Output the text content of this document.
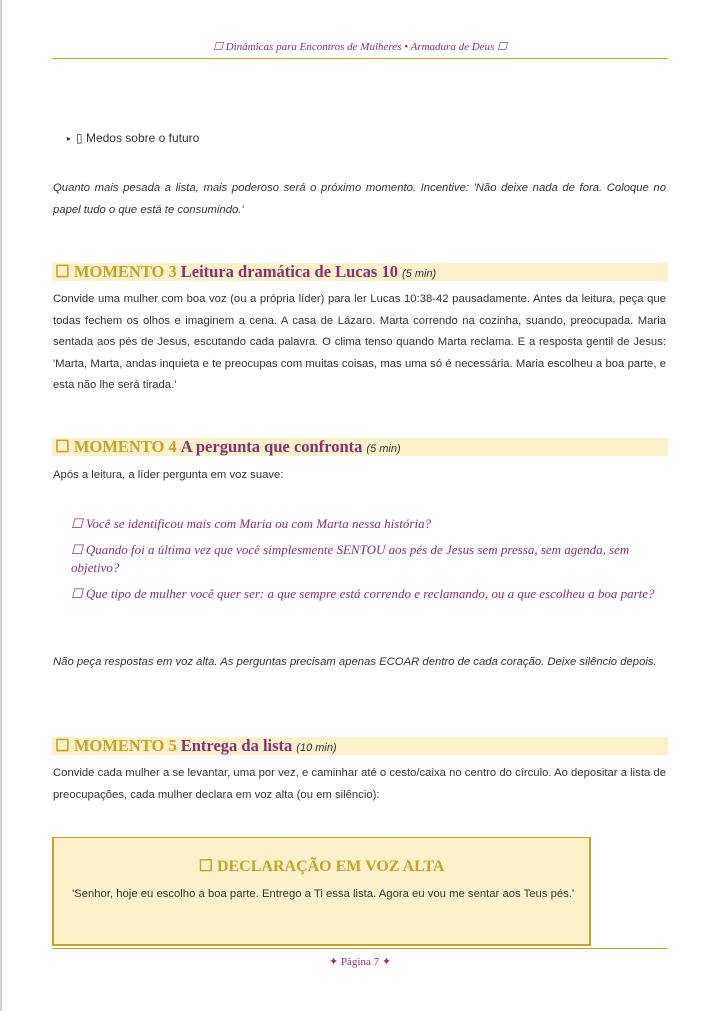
☐ Dinâmicas para Encontros de Mulheres • Armadura de Deus ☐
▸ ▯ Medos sobre o futuro
Quanto mais pesada a lista, mais poderoso será o próximo momento. Incentive: 'Não deixe nada de fora. Coloque no papel tudo o que está te consumindo.'
☐ MOMENTO 3 Leitura dramática de Lucas 10 (5 min)
Convide uma mulher com boa voz (ou a própria líder) para ler Lucas 10:38-42 pausadamente. Antes da leitura, peça que todas fechem os olhos e imaginem a cena. A casa de Lázaro. Marta correndo na cozinha, suando, preocupada. Maria sentada aos pés de Jesus, escutando cada palavra. O clima tenso quando Marta reclama. E a resposta gentil de Jesus: 'Marta, Marta, andas inquieta e te preocupas com muitas coisas, mas uma só é necessária. Maria escolheu a boa parte, e esta não lhe será tirada.'
☐ MOMENTO 4 A pergunta que confronta (5 min)
Após a leitura, a líder pergunta em voz suave:
☐ Você se identificou mais com Maria ou com Marta nessa história?
☐ Quando foi a última vez que você simplesmente SENTOU aos pés de Jesus sem pressa, sem agenda, sem objetivo?
☐ Que tipo de mulher você quer ser: a que sempre está correndo e reclamando, ou a que escolheu a boa parte?
Não peça respostas em voz alta. As perguntas precisam apenas ECOAR dentro de cada coração. Deixe silêncio depois.
☐ MOMENTO 5 Entrega da lista (10 min)
Convide cada mulher a se levantar, uma por vez, e caminhar até o cesto/caixa no centro do círculo. Ao depositar a lista de preocupações, cada mulher declara em voz alta (ou em silêncio):
☐ DECLARAÇÃO EM VOZ ALTA
'Senhor, hoje eu escolho a boa parte. Entrego a Ti essa lista. Agora eu vou me sentar aos Teus pés.'
✦ Página 7 ✦
